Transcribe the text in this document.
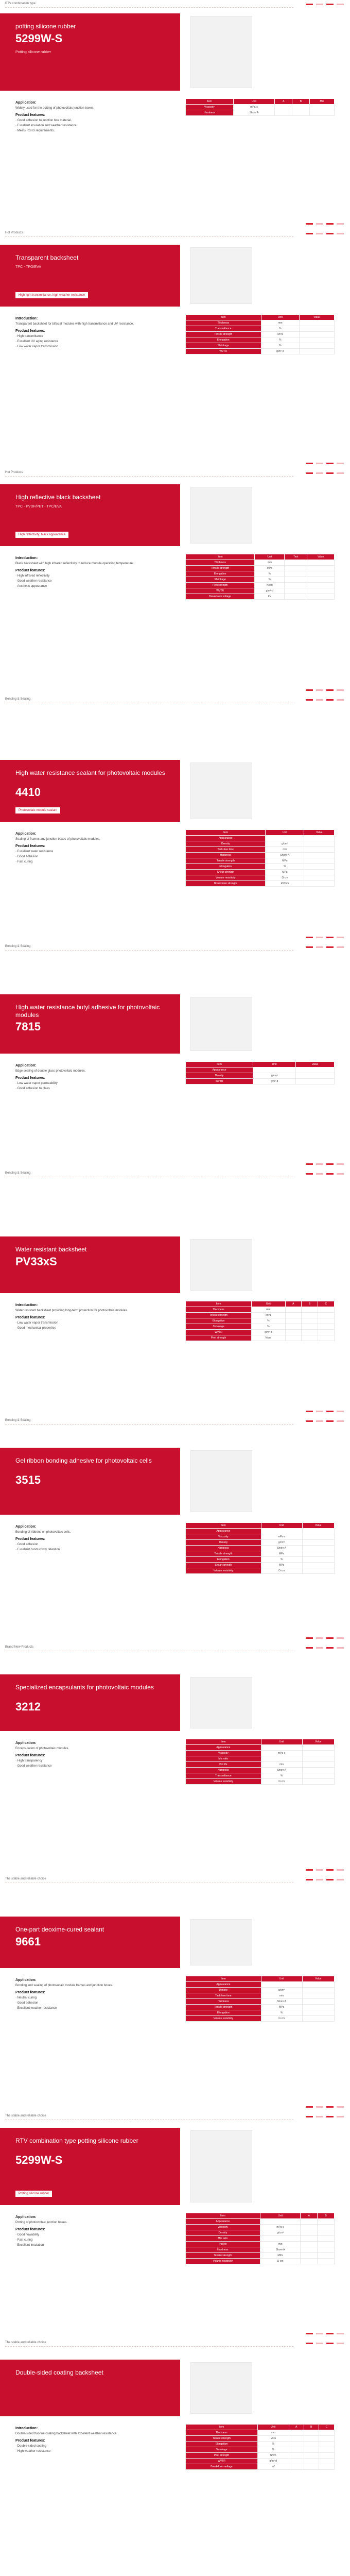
RTV combination type
potting silicone rubber
5299W-S
Potting silicone rubber
Application:

Widely used for the potting of photovoltaic junction boxes.

Product features:

· Good adhesion to junction box material.

· Excellent insulation and weather resistance.

· Meets RoHS requirements.

Item	Unit	A	B	Mix
Viscosity	mPa·s			
Hardness	Shore A			
Hot Products
Transparent backsheet
TPC - TPO/EVA
High light transmittance, high weather resistance
Introduction:

Transparent backsheet for bifacial modules with high transmittance and UV resistance.

Product features:

· High transmittance

· Excellent UV aging resistance

· Low water vapor transmission

Item	Unit	Value
Thickness	mm	
Transmittance	%	
Tensile strength	MPa	
Elongation	%	
Shrinkage	%	
WVTR	g/m²·d	
Hot Products
High reflective black backsheet
TPC - PVDF/PET - TPC/EVA
High reflectivity, black appearance
Introduction:

Black backsheet with high infrared reflectivity to reduce module operating temperature.

Product features:

· High infrared reflectivity

· Good weather resistance

· Aesthetic appearance

Item	Unit	Test	Value
Thickness	mm		
Tensile strength	MPa		
Elongation	%		
Shrinkage	%		
Peel strength	N/cm		
WVTR	g/m²·d		
Breakdown voltage	kV		
Bonding & Sealing
High water resistance sealant for photovoltaic modules
4410
Photovoltaic module sealant
Application:

Sealing of frames and junction boxes of photovoltaic modules.

Product features:

· Excellent water resistance

· Good adhesion

· Fast curing

Item	Unit	Value
Appearance		
Density	g/cm³	
Tack-free time	min	
Hardness	Shore A	
Tensile strength	MPa	
Elongation	%	
Shear strength	MPa	
Volume resistivity	Ω·cm	
Breakdown strength	kV/mm	
Bonding & Sealing
High water resistance butyl adhesive for photovoltaic modules
7815
Application:

Edge sealing of double glass photovoltaic modules.

Product features:

· Low water vapor permeability

· Good adhesion to glass

Item	Unit	Value
Appearance		
Density	g/cm³	
WVTR	g/m²·d	
Bonding & Sealing
Water resistant backsheet
PV33xS
Introduction:

Water resistant backsheet providing long-term protection for photovoltaic modules.

Product features:

· Low water vapor transmission

· Good mechanical properties

Item	Unit	A	B	C
Thickness	mm			
Tensile strength	MPa			
Elongation	%			
Shrinkage	%			
WVTR	g/m²·d			
Peel strength	N/cm			
Bonding & Sealing
Gel ribbon bonding adhesive for photovoltaic cells
3515
Application:

Bonding of ribbons on photovoltaic cells.

Product features:

· Good adhesion

· Excellent conductivity retention

Item	Unit	Value
Appearance		
Viscosity	mPa·s	
Density	g/cm³	
Hardness	Shore A	
Tensile strength	MPa	
Elongation	%	
Shear strength	MPa	
Volume resistivity	Ω·cm	
Brand New Products
Specialized encapsulants for photovoltaic modules
3212
Application:

Encapsulation of photovoltaic modules.

Product features:

· High transparency

· Good weather resistance

Item	Unit	Value
Appearance		
Viscosity	mPa·s	
Mix ratio		
Pot life	min	
Hardness	Shore A	
Transmittance	%	
Volume resistivity	Ω·cm	
The stable and reliable choice
One-part deoxime-cured sealant
9661
Application:

Bonding and sealing of photovoltaic module frames and junction boxes.

Product features:

· Neutral curing

· Good adhesion

· Excellent weather resistance

Item	Unit	Value
Appearance		
Density	g/cm³	
Tack-free time	min	
Hardness	Shore A	
Tensile strength	MPa	
Elongation	%	
Volume resistivity	Ω·cm	
The stable and reliable choice
RTV combination type potting silicone rubber
5299W-S
Potting silicone rubber
Application:

Potting of photovoltaic junction boxes.

Product features:

· Good flowability

· Fast curing

· Excellent insulation

Item	Unit	A	B
Appearance			
Viscosity	mPa·s		
Density	g/cm³		
Mix ratio			
Pot life	min		
Hardness	Shore A		
Tensile strength	MPa		
Volume resistivity	Ω·cm		
The stable and reliable choice
Double-sided coating backsheet
Introduction:

Double-sided fluorine coating backsheet with excellent weather resistance.

Product features:

· Double-sided coating

· High weather resistance

Item	Unit	A	B	C
Thickness	mm			
Tensile strength	MPa			
Elongation	%			
Shrinkage	%			
Peel strength	N/cm			
WVTR	g/m²·d			
Breakdown voltage	kV			
